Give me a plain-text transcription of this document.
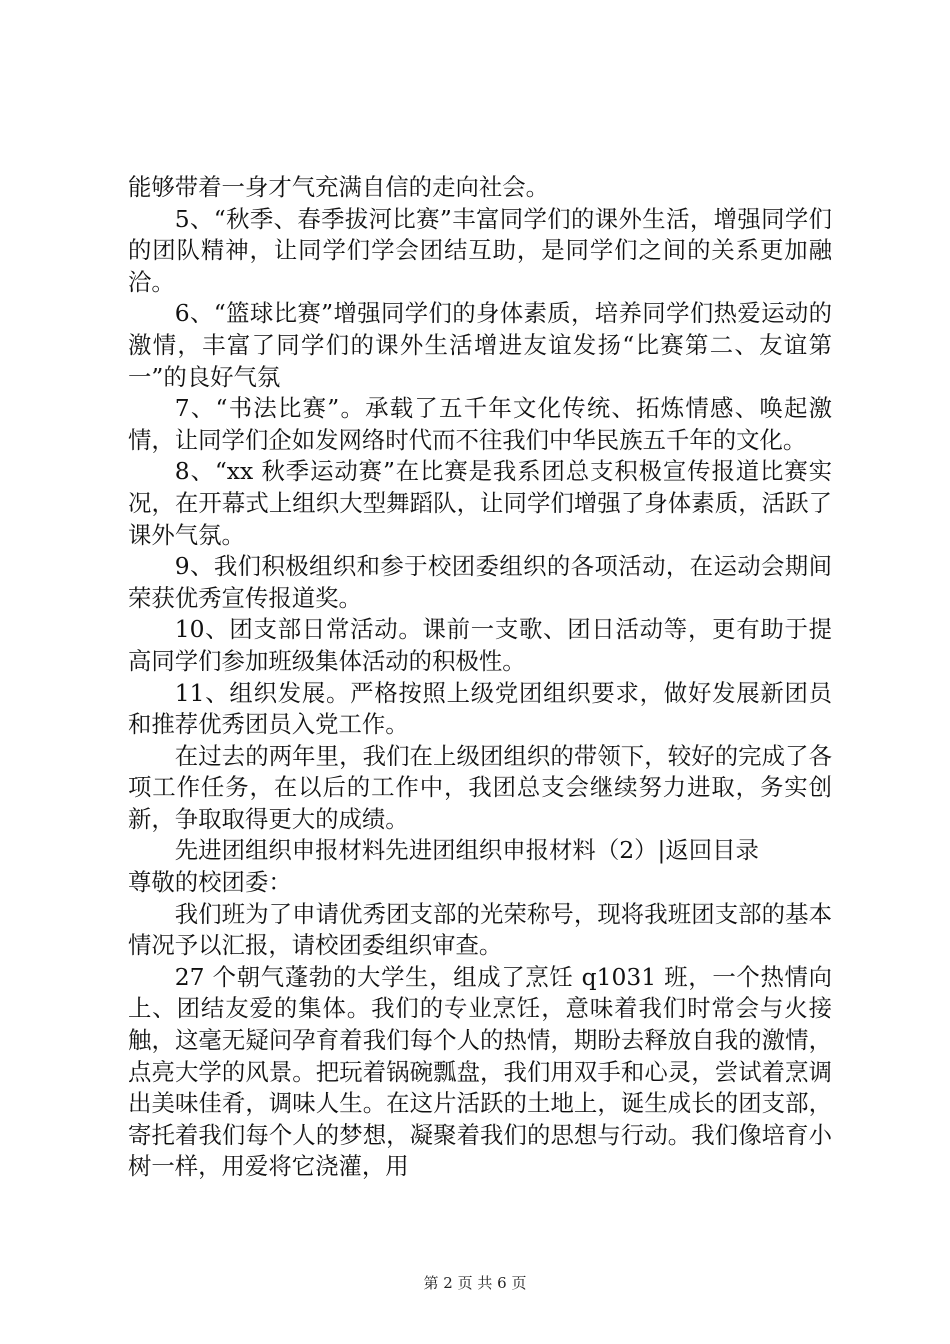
能够带着一身才气充满自信的走向社会。

5、“秋季、春季拔河比赛”丰富同学们的课外生活，增强同学们的团队精神，让同学们学会团结互助，是同学们之间的关系更加融洽。

6、“篮球比赛”增强同学们的身体素质，培养同学们热爱运动的激情，丰富了同学们的课外生活增进友谊发扬“比赛第二、友谊第一”的良好气氛

7、“书法比赛”。承载了五千年文化传统、拓炼情感、唤起激情，让同学们企如发网络时代而不往我们中华民族五千年的文化。

8、“xx 秋季运动赛”在比赛是我系团总支积极宣传报道比赛实况，在开幕式上组织大型舞蹈队，让同学们增强了身体素质，活跃了课外气氛。

9、我们积极组织和参于校团委组织的各项活动，在运动会期间荣获优秀宣传报道奖。

10、团支部日常活动。课前一支歌、团日活动等，更有助于提高同学们参加班级集体活动的积极性。

11、组织发展。严格按照上级党团组织要求，做好发展新团员和推荐优秀团员入党工作。

在过去的两年里，我们在上级团组织的带领下，较好的完成了各项工作任务，在以后的工作中，我团总支会继续努力进取，务实创新，争取取得更大的成绩。

先进团组织申报材料先进团组织申报材料（2）|返回目录

尊敬的校团委：

我们班为了申请优秀团支部的光荣称号，现将我班团支部的基本情况予以汇报，请校团委组织审查。

27 个朝气蓬勃的大学生，组成了烹饪 q1031 班，一个热情向上、团结友爱的集体。我们的专业烹饪，意味着我们时常会与火接触，这毫无疑问孕育着我们每个人的热情，期盼去释放自我的激情，点亮大学的风景。把玩着锅碗瓢盘，我们用双手和心灵，尝试着烹调出美味佳肴，调味人生。在这片活跃的土地上，诞生成长的团支部，寄托着我们每个人的梦想，凝聚着我们的思想与行动。我们像培育小树一样，用爱将它浇灌，用

第 2 页 共 6 页
